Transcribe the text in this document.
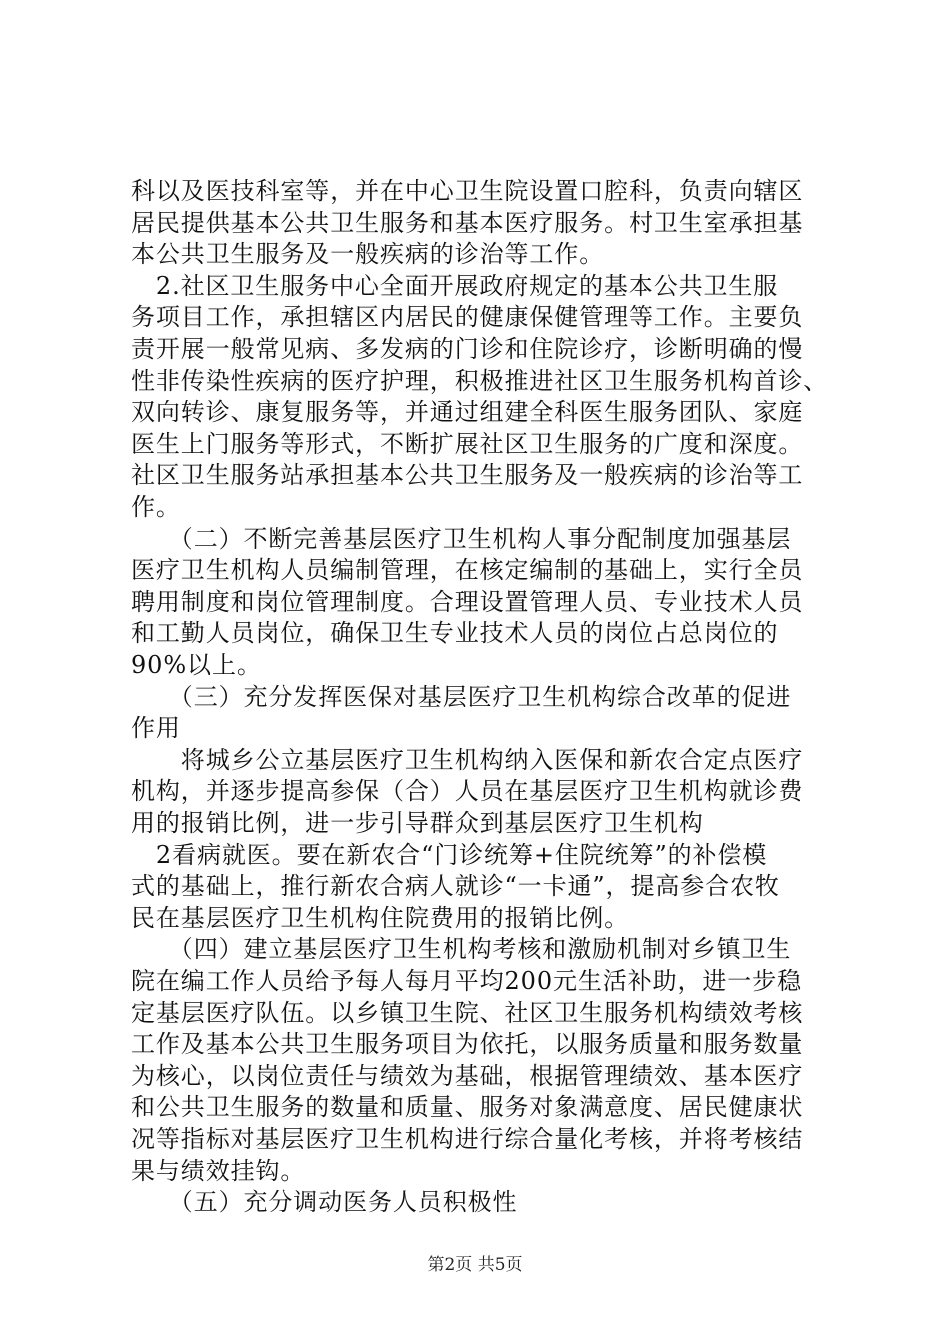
科以及医技科室等，并在中心卫生院设置口腔科，负责向辖区
居民提供基本公共卫生服务和基本医疗服务。村卫生室承担基
本公共卫生服务及一般疾病的诊治等工作。
　2.社区卫生服务中心全面开展政府规定的基本公共卫生服
务项目工作，承担辖区内居民的健康保健管理等工作。主要负
责开展一般常见病、多发病的门诊和住院诊疗，诊断明确的慢
性非传染性疾病的医疗护理，积极推进社区卫生服务机构首诊、
双向转诊、康复服务等，并通过组建全科医生服务团队、家庭
医生上门服务等形式，不断扩展社区卫生服务的广度和深度。
社区卫生服务站承担基本公共卫生服务及一般疾病的诊治等工
作。
　　（二）不断完善基层医疗卫生机构人事分配制度加强基层
医疗卫生机构人员编制管理，在核定编制的基础上，实行全员
聘用制度和岗位管理制度。合理设置管理人员、专业技术人员
和工勤人员岗位，确保卫生专业技术人员的岗位占总岗位的
90%以上。
　　（三）充分发挥医保对基层医疗卫生机构综合改革的促进
作用
　　将城乡公立基层医疗卫生机构纳入医保和新农合定点医疗
机构，并逐步提高参保（合）人员在基层医疗卫生机构就诊费
用的报销比例，进一步引导群众到基层医疗卫生机构
　2看病就医。要在新农合“门诊统筹+住院统筹”的补偿模
式的基础上，推行新农合病人就诊“一卡通”，提高参合农牧
民在基层医疗卫生机构住院费用的报销比例。
　　（四）建立基层医疗卫生机构考核和激励机制对乡镇卫生
院在编工作人员给予每人每月平均200元生活补助，进一步稳
定基层医疗队伍。以乡镇卫生院、社区卫生服务机构绩效考核
工作及基本公共卫生服务项目为依托，以服务质量和服务数量
为核心，以岗位责任与绩效为基础，根据管理绩效、基本医疗
和公共卫生服务的数量和质量、服务对象满意度、居民健康状
况等指标对基层医疗卫生机构进行综合量化考核，并将考核结
果与绩效挂钩。
　　（五）充分调动医务人员积极性
第2页 共5页
